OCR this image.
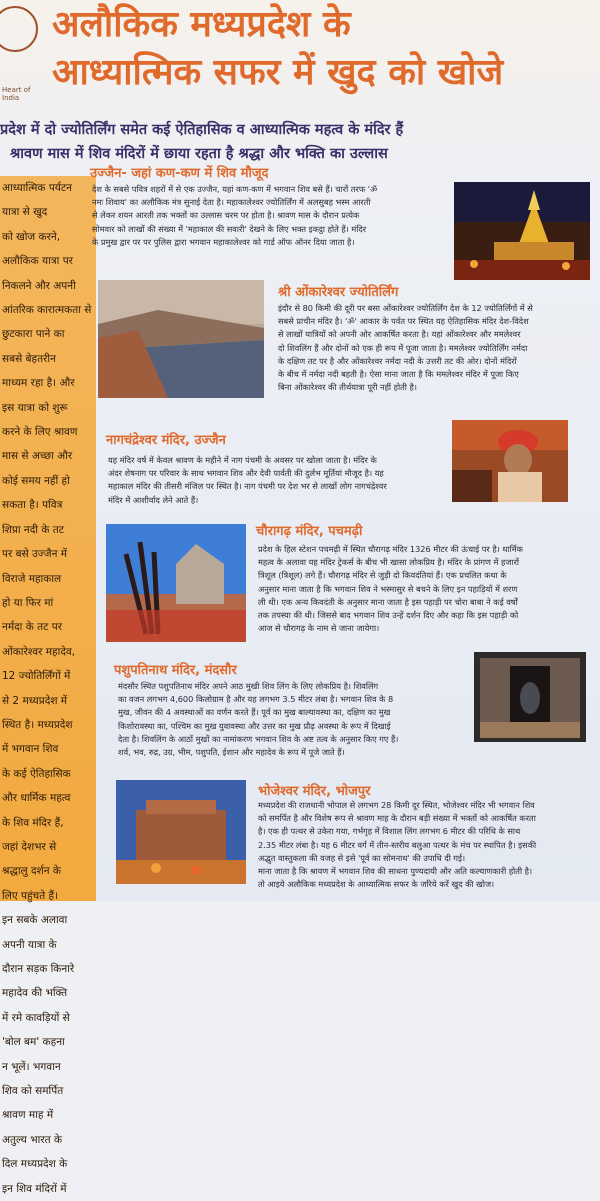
Heart of
India
अलौकिक मध्यप्रदेश के
आध्यात्मिक सफर में खुद को खोजे
प्रदेश में दो ज्योतिर्लिंग समेत कई ऐतिहासिक व आध्यात्मिक महत्व के मंदिर हैं
श्रावण मास में शिव मंदिरों में छाया रहता है श्रद्धा और भक्ति का उल्लास
आध्यात्मिक पर्यटन
यात्रा से खुद
को खोज करने,
अलौकिक यात्रा पर
निकलने और अपनी
आंतरिक कारात्मकता से
छुटकारा पाने का
सबसे बेहतरीन
माध्यम रहा है। और
इस यात्रा को शुरू
करने के लिए श्रावण
मास से अच्छा और
कोई समय नहीं हो
सकता है। पवित्र
शिप्रा नदी के तट
पर बसे उज्जैन में
विराजे महाकाल
हो या फिर मां
नर्मदा के तट पर
ओंकारेश्वर महादेव,
12 ज्योतिर्लिंगों में
से 2 मध्यप्रदेश में
स्थित है। मध्यप्रदेश
में भगवान शिव
के कई ऐतिहासिक
और धार्मिक महत्व
के शिव मंदिर हैं,
जहां देशभर से
श्रद्धालु दर्शन के
लिए पहुंचते हैं।
इन सबके अलावा
अपनी यात्रा के
दौरान सड़क किनारे
महादेव की भक्ति
में रमे कावड़ियों से
'बोल बम' कहना
न भूलें। भगवान
शिव को समर्पित
श्रावण माह में
अतुल्य भारत के
दिल मध्यप्रदेश के
इन शिव मंदिरों में
उज्जैन- जहां कण-कण में शिव मौजूद
देश के सबसे पवित्र शहरों में से एक उज्जैन, यहां कण-कण में भगवान शिव बसे हैं। चारों तरफ 'ॐ
नमः शिवाय' का अलौकिक मंत्र सुनाई देता है। महाकालेश्वर ज्योतिर्लिंग में अलसुबह भस्म आरती
से लेकर शयन आरती तक भक्तों का उल्लास चरम पर होता है। श्रावण मास के दौरान प्रत्येक
सोमवार को लाखों की संख्या में 'महाकाल की सवारी' देखने के लिए भक्त इकट्ठा होते हैं। मंदिर
के प्रमुख द्वार पर पर पुलिस द्वारा भगवान महाकालेश्वर को गार्ड ऑफ ऑनर दिया जाता है।
श्री ओंकारेश्वर ज्योतिर्लिंग
इंदौर से 80 किमी की दूरी पर बसा ओंकारेश्वर ज्योतिर्लिंग देश के 12 ज्योतिर्लिंगों में से
सबसे प्राचीन मंदिर है। 'ॐ' आकार के पर्वत पर स्थित यह ऐतिहासिक मंदिर देश-विदेश
से लाखों यात्रियों को अपनी ओर आकर्षित करता है। यहां ओंकारेश्वर और ममलेश्वर
दो शिवलिंग हैं और दोनों को एक ही रूप में पूजा जाता है। ममलेश्वर ज्योतिर्लिंग नर्मदा
के दक्षिण तट पर है और ओंकारेश्वर नर्मदा नदी के उत्तरी तट की ओर। दोनों मंदिरों
के बीच में नर्मदा नदी बहती है। ऐसा माना जाता है कि ममलेश्वर मंदिर में पूजा किए
बिना ओंकारेश्वर की तीर्थयात्रा पूरी नहीं होती है।
नागचंद्रेश्वर मंदिर, उज्जैन
यह मंदिर वर्ष में केवल श्रावण के महीने में नाग पंचमी के अवसर पर खोला जाता है। मंदिर के
अंदर शेषनाग पर परिवार के साथ भगवान शिव और देवी पार्वती की दुर्लभ मूर्तियां मौजूद है। यह
महाकाल मंदिर की तीसरी मंजिल पर स्थित है। नाग पंचमी पर देश भर से लाखों लोग नागचंद्रेश्वर
मंदिर में आशीर्वाद लेने आते हैं।
चौरागढ़ मंदिर, पचमढ़ी
प्रदेश के हिल स्टेशन पचमढ़ी में स्थित चौरागढ़ मंदिर 1326 मीटर की ऊंचाई पर है। धार्मिक
महत्व के अलावा यह मंदिर ट्रेकर्स के बीच भी खासा लोकप्रिय है। मंदिर के प्रांगण में हजारों
त्रिशूल (त्रिशूल) लगे हैं। चौरागढ़ मंदिर से जुड़ी दो किवदंतियां हैं। एक प्रचलित कथा के
अनुसार माना जाता है कि भगवान शिव ने भस्मासुर से बचने के लिए इन पहाड़ियों में शरण
ली थी। एक अन्य किवदंती के अनुसार माना जाता है इस पहाड़ी पर चोरा बाबा ने कई वर्षों
तक तपस्या की थी। जिससे बाद भगवान शिव उन्हें दर्शन दिए और कहा कि इस पहाड़ी को
आज से चौरागढ़ के नाम से जाना जायेगा।
पशुपतिनाथ मंदिर, मंदसौर
मंदसौर स्थित पशुपतिनाथ मंदिर अपने आठ मुखी शिव लिंग के लिए लोकप्रिय है। शिवलिंग
का वजन लगभग 4,600 किलोग्राम है और यह लगभग 3.5 मीटर लंबा है। भगवान शिव के 8
मुख, जीवन की 4 अवस्थाओं का वर्णन करते हैं। पूर्व का मुख बाल्यावस्था का, दक्षिण का मुख
किशोरावस्था का, पश्चिम का मुख युवावस्था और उत्तर का मुख प्रौढ़ अवस्था के रूप में दिखाई
देता है। शिवलिंग के आठों मुखों का नामांकरण भगवान शिव के अष्ट तत्व के अनुसार किए गए हैं।
शर्व, भव, रुद्र, उग्र, भीम, पशुपति, ईशान और महादेव के रूप में पूजे जाते हैं।
भोजेश्वर मंदिर, भोजपुर
मध्यप्रदेश की राजधानी भोपाल से लगभग 28 किमी दूर स्थित, भोजेश्वर मंदिर भी भगवान शिव
को समर्पित है और विशेष रूप से श्रावण माह के दौरान बड़ी संख्या में भक्तों को आकर्षित करता
है। एक ही पत्थर से उकेरा गया, गर्भगृह में विशाल लिंग लगभग 6 मीटर की परिधि के साथ
2.35 मीटर लंबा है। यह 6 मीटर वर्ग में तीन-स्तरीय बलुआ पत्थर के मंच पर स्थापित है। इसकी
अद्भुत वास्तुकला की वजह से इसे 'पूर्व का सोमनाथ' की उपाधि दी गई।
माना जाता है कि श्रावण में भगवान शिव की साधना पुण्यदायी और अति कल्याणकारी होती है।
तो आइये अलौकिक मध्यप्रदेश के आध्यात्मिक सफर के जरिये करें खुद की खोज।
